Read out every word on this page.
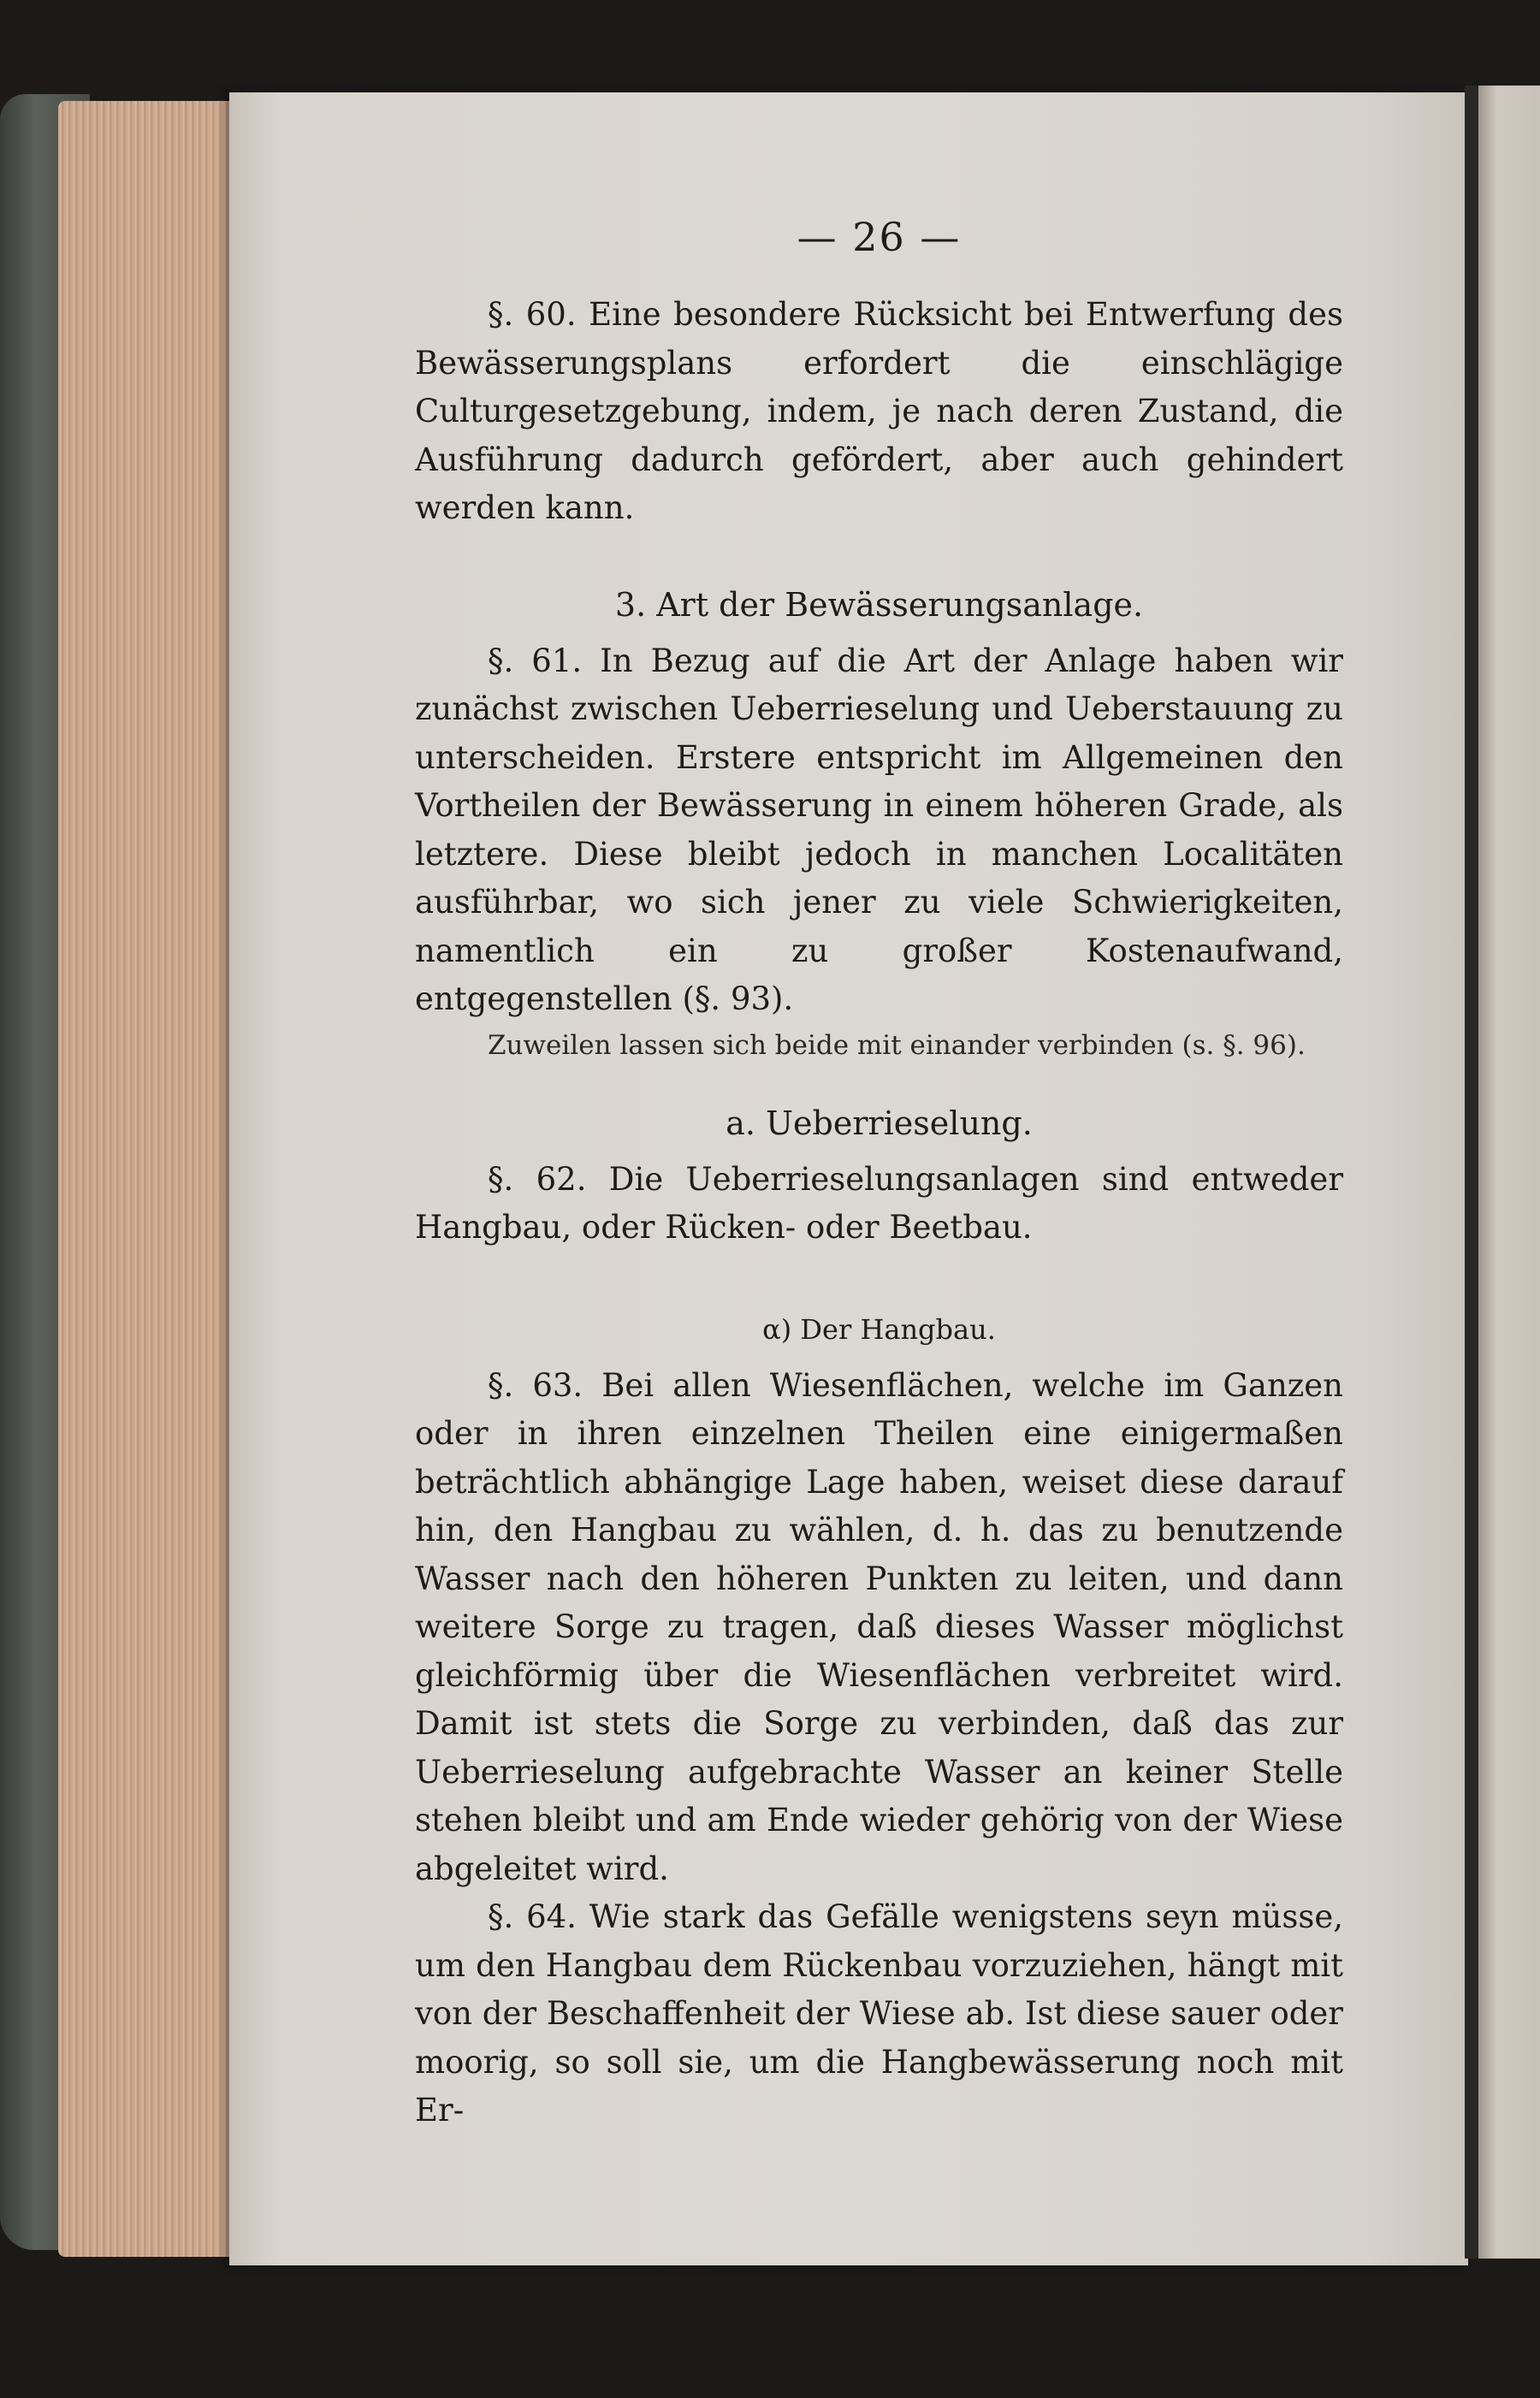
— 26 —

§. 60. Eine besondere Rücksicht bei Entwerfung des Bewässerungsplans erfordert die einschlägige Culturgesetzgebung, indem, je nach deren Zustand, die Ausführung dadurch gefördert, aber auch gehindert werden kann.

3. Art der Bewässerungsanlage.

§. 61. In Bezug auf die Art der Anlage haben wir zunächst zwischen Ueberrieselung und Ueberstauung zu unterscheiden. Erstere entspricht im Allgemeinen den Vortheilen der Bewässerung in einem höheren Grade, als letztere. Diese bleibt jedoch in manchen Localitäten ausführbar, wo sich jener zu viele Schwierigkeiten, namentlich ein zu großer Kostenaufwand, entgegenstellen (§. 93).

Zuweilen lassen sich beide mit einander verbinden (s. §. 96).

a. Ueberrieselung.

§. 62. Die Ueberrieselungsanlagen sind entweder Hangbau, oder Rücken- oder Beetbau.

α) Der Hangbau.

§. 63. Bei allen Wiesenflächen, welche im Ganzen oder in ihren einzelnen Theilen eine einigermaßen beträchtlich abhängige Lage haben, weiset diese darauf hin, den Hangbau zu wählen, d. h. das zu benutzende Wasser nach den höheren Punkten zu leiten, und dann weitere Sorge zu tragen, daß dieses Wasser möglichst gleichförmig über die Wiesenflächen verbreitet wird. Damit ist stets die Sorge zu verbinden, daß das zur Ueberrieselung aufgebrachte Wasser an keiner Stelle stehen bleibt und am Ende wieder gehörig von der Wiese abgeleitet wird.

§. 64. Wie stark das Gefälle wenigstens seyn müsse, um den Hangbau dem Rückenbau vorzuziehen, hängt mit von der Beschaffenheit der Wiese ab. Ist diese sauer oder moorig, so soll sie, um die Hangbewässerung noch mit Er-
